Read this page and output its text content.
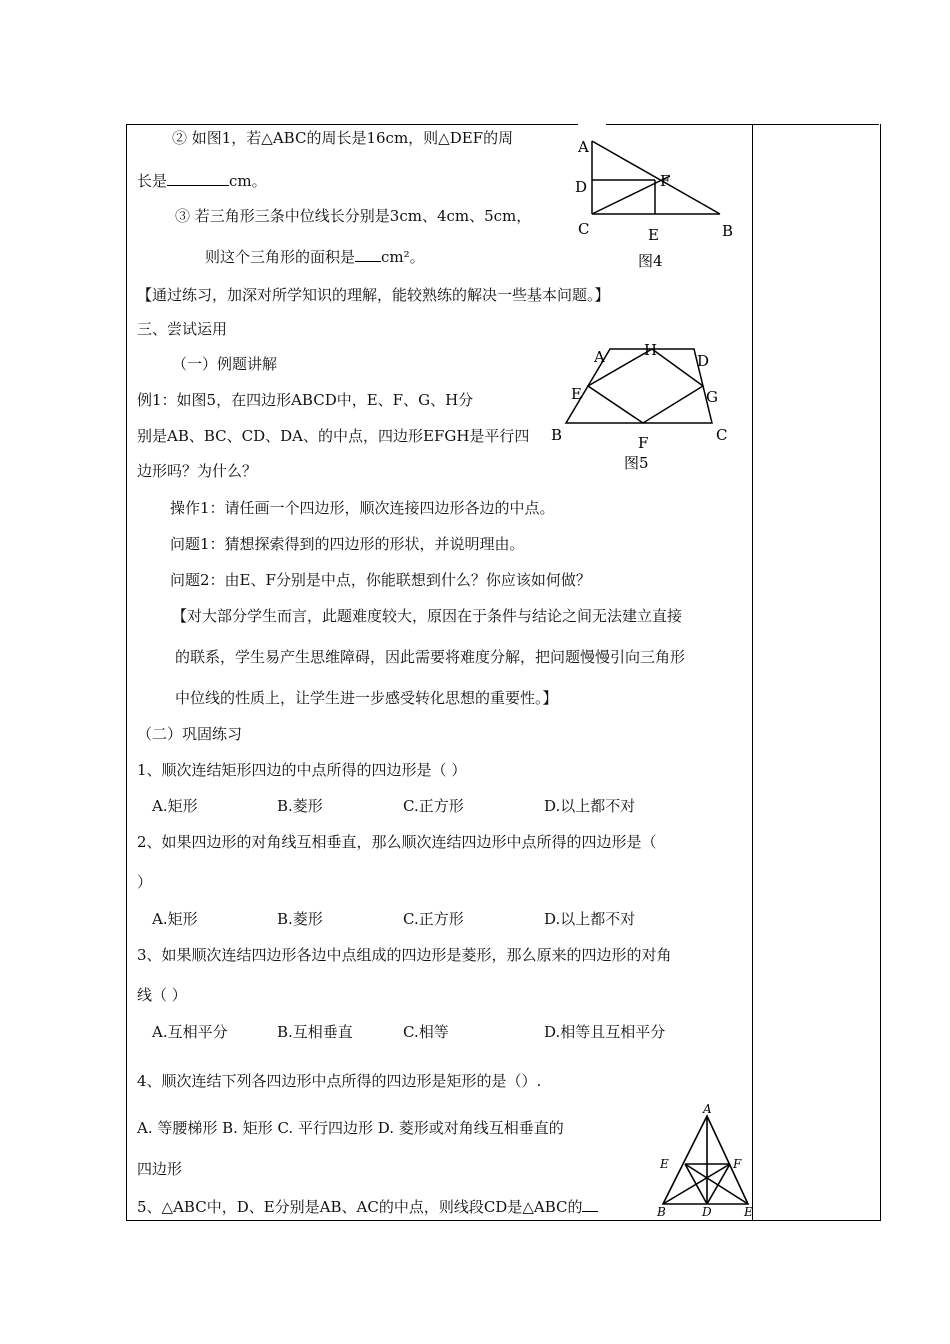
② 如图1，若△ABC的周长是16cm，则△DEF的周
长是	cm。
③ 若三角形三条中位线长分别是3cm、4cm、5cm，
则这个三角形的面积是 cm²。
【通过练习，加深对所学知识的理解，能较熟练的解决一些基本问题。】
三、尝试运用
（一）例题讲解
例1：如图5，在四边形ABCD中，E、F、G、H分
别是AB、BC、CD、DA、的中点，四边形EFGH是平行四
边形吗？为什么？
操作1：请任画一个四边形，顺次连接四边形各边的中点。
问题1：猜想探索得到的四边形的形状，并说明理由。
问题2：由E、F分别是中点，你能联想到什么？你应该如何做？
【对大部分学生而言，此题难度较大，原因在于条件与结论之间无法建立直接
的联系，学生易产生思维障碍，因此需要将难度分解，把问题慢慢引向三角形
中位线的性质上，让学生进一步感受转化思想的重要性。】
（二）巩固练习
1、顺次连结矩形四边的中点所得的四边形是（ ）
A.矩形	B.菱形	C.正方形	D.以上都不对
2、如果四边形的对角线互相垂直，那么顺次连结四边形中点所得的四边形是（
）
A.矩形	B.菱形	C.正方形	D.以上都不对
3、如果顺次连结四边形各边中点组成的四边形是菱形，那么原来的四边形的对角
线（ ）
A.互相平分	B.互相垂直	C.相等	D.相等且互相平分
4、顺次连结下列各四边形中点所得的四边形是矩形的是（）.
A. 等腰梯形 B. 矩形 C. 平行四边形 D. 菱形或对角线互相垂直的
四边形
5、△ABC中，D、E分别是AB、AC的中点，则线段CD是△ABC的
A
D	F
C	E	B
图4
A	H
D
E	G
B	F	C
图5
A
E	F
B	D	E
